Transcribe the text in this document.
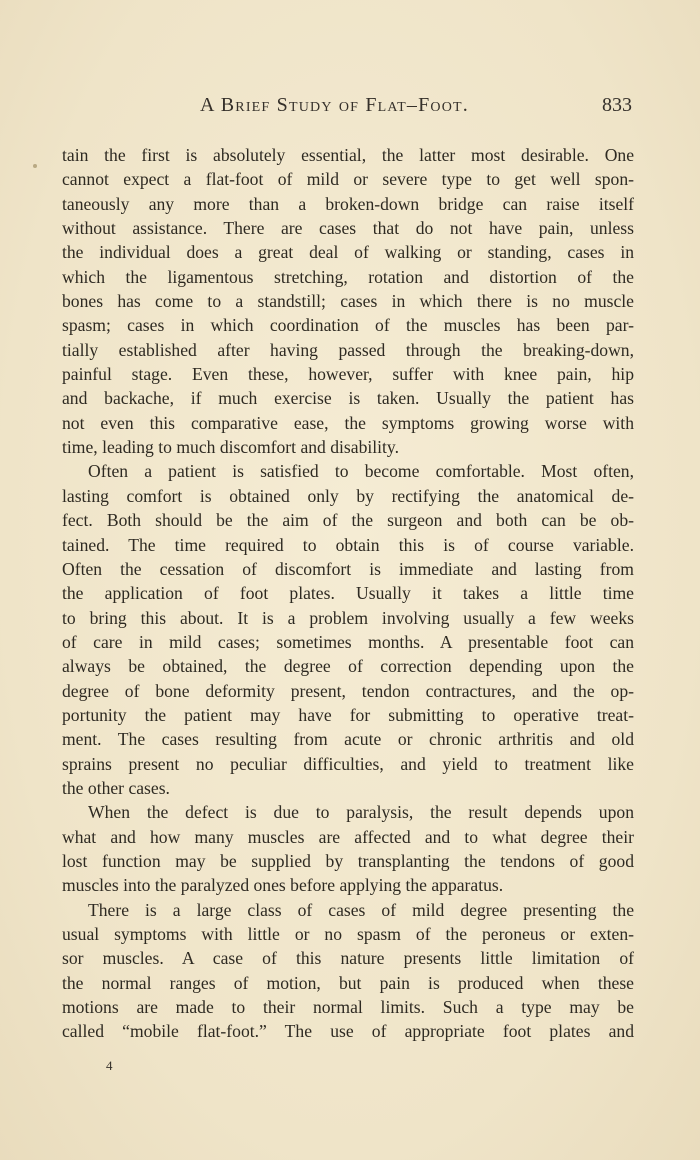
A Brief Study of Flat–Foot.	833
tain the first is absolutely essential, the latter most desirable. One
cannot expect a flat-foot of mild or severe type to get well spon-
taneously any more than a broken-down bridge can raise itself
without assistance. There are cases that do not have pain, unless
the individual does a great deal of walking or standing, cases in
which the ligamentous stretching, rotation and distortion of the
bones has come to a standstill; cases in which there is no muscle
spasm; cases in which coordination of the muscles has been par-
tially established after having passed through the breaking-down,
painful stage. Even these, however, suffer with knee pain, hip
and backache, if much exercise is taken. Usually the patient has
not even this comparative ease, the symptoms growing worse with
time, leading to much discomfort and disability.
Often a patient is satisfied to become comfortable. Most often,
lasting comfort is obtained only by rectifying the anatomical de-
fect. Both should be the aim of the surgeon and both can be ob-
tained. The time required to obtain this is of course variable.
Often the cessation of discomfort is immediate and lasting from
the application of foot plates. Usually it takes a little time
to bring this about. It is a problem involving usually a few weeks
of care in mild cases; sometimes months. A presentable foot can
always be obtained, the degree of correction depending upon the
degree of bone deformity present, tendon contractures, and the op-
portunity the patient may have for submitting to operative treat-
ment. The cases resulting from acute or chronic arthritis and old
sprains present no peculiar difficulties, and yield to treatment like
the other cases.
When the defect is due to paralysis, the result depends upon
what and how many muscles are affected and to what degree their
lost function may be supplied by transplanting the tendons of good
muscles into the paralyzed ones before applying the apparatus.
There is a large class of cases of mild degree presenting the
usual symptoms with little or no spasm of the peroneus or exten-
sor muscles. A case of this nature presents little limitation of
the normal ranges of motion, but pain is produced when these
motions are made to their normal limits. Such a type may be
called “mobile flat-foot.” The use of appropriate foot plates and
4
